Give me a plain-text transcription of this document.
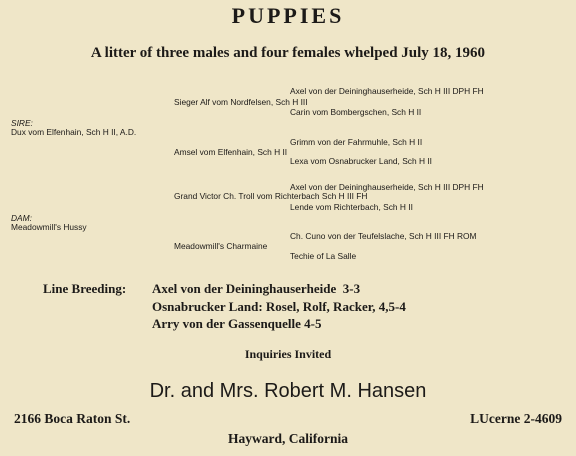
PUPPIES
A litter of three males and four females whelped July 18, 1960
Axel von der Deininghauserheide, Sch H III DPH FH
Sieger Alf vom Nordfelsen, Sch H III
Carin vom Bombergschen, Sch H II
SIRE:
Dux vom Elfenhain, Sch H II, A.D.
Grimm von der Fahrmuhle, Sch H II
Amsel vom Elfenhain, Sch H II
Lexa vom Osnabrucker Land, Sch H II
Axel von der Deininghauserheide, Sch H III DPH FH
Grand Victor Ch. Troll vom Richterbach Sch H III FH
Lende vom Richterbach, Sch H II
DAM:
Meadowmill's Hussy
Ch. Cuno von der Teufelslache, Sch H III FH ROM
Meadowmill's Charmaine
Techie of La Salle
Line Breeding: Axel von der Deininghauserheide  3-3
Osnabrucker Land: Rosel, Rolf, Racker, 4,5-4
Arry von der Gassenquelle 4-5
Inquiries Invited
Dr. and Mrs. Robert M. Hansen
2166 Boca Raton St.	LUcerne 2-4609
Hayward, California
